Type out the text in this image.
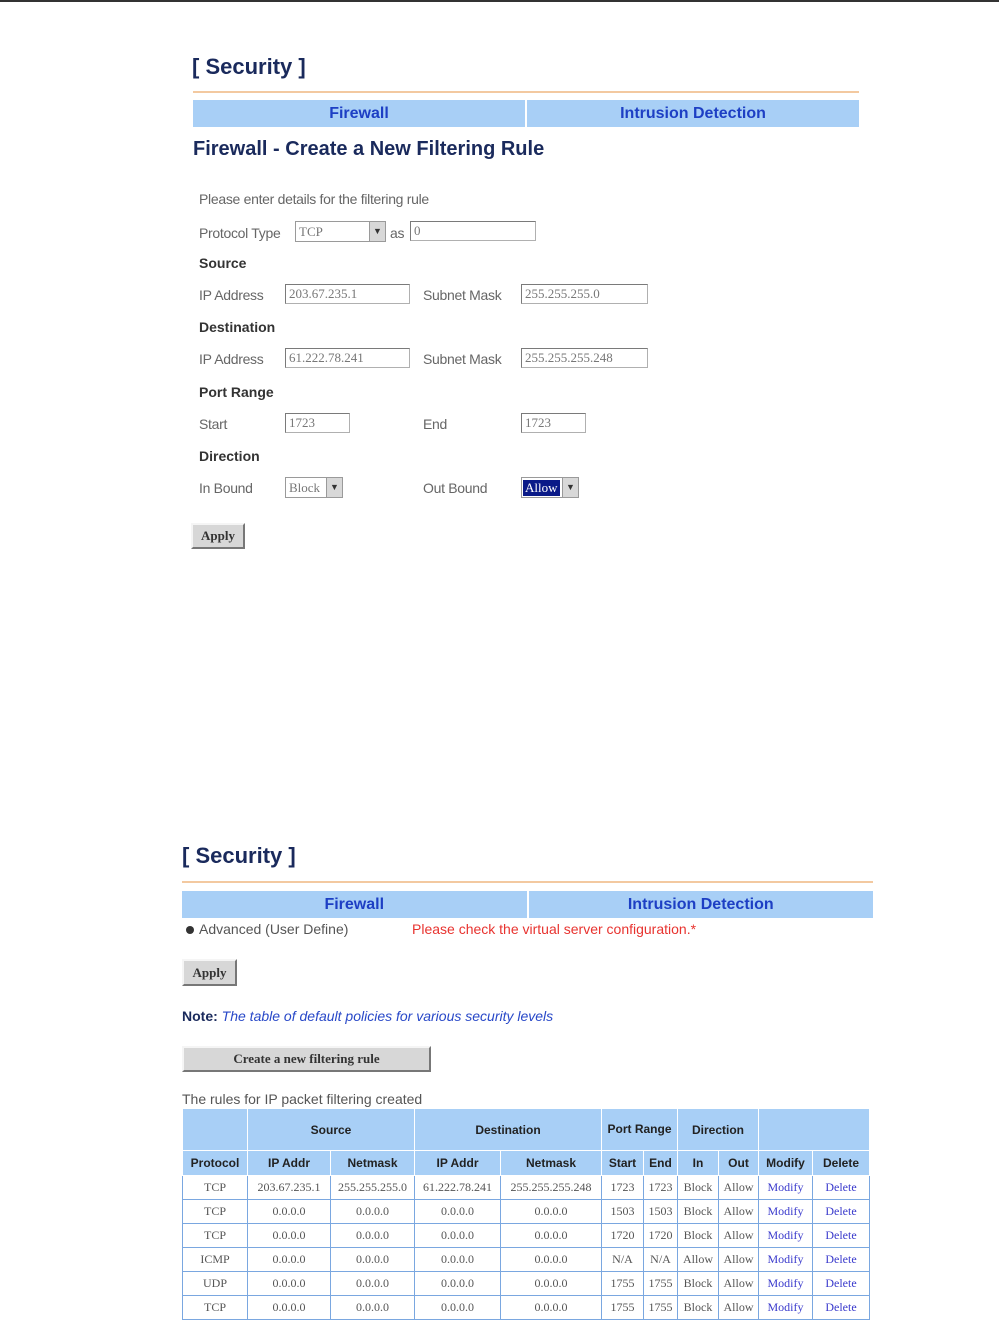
[ Security ]
Firewall	Intrusion Detection
Firewall - Create a New Filtering Rule
Please enter details for the filtering rule
Protocol Type TCP	▼ as 0
Source
IP Address	203.67.235.1	Subnet Mask	255.255.255.0
Destination
IP Address	61.222.78.241	Subnet Mask	255.255.255.248
Port Range
Start	1723	End	1723
Direction
In Bound	Block	▼	Out Bound	Allow ▼
Apply
[ Security ]
Firewall	Intrusion Detection
Advanced (User Define)	Please check the virtual server configuration.*
Apply
Note: The table of default policies for various security levels
Create a new filtering rule
The rules for IP packet filtering created
	Source		Destination		Port Range		Direction			
Protocol	IP Addr	Netmask	IP Addr	Netmask	Start	End	In	Out	Modify	Delete
TCP	203.67.235.1	255.255.255.0	61.222.78.241	255.255.255.248	1723	1723	Block	Allow	Modify	Delete
TCP	0.0.0.0	0.0.0.0	0.0.0.0	0.0.0.0	1503	1503	Block	Allow	Modify	Delete
TCP	0.0.0.0	0.0.0.0	0.0.0.0	0.0.0.0	1720	1720	Block	Allow	Modify	Delete
ICMP	0.0.0.0	0.0.0.0	0.0.0.0	0.0.0.0	N/A	N/A	Allow	Allow	Modify	Delete
UDP	0.0.0.0	0.0.0.0	0.0.0.0	0.0.0.0	1755	1755	Block	Allow	Modify	Delete
TCP	0.0.0.0	0.0.0.0	0.0.0.0	0.0.0.0	1755	1755	Block	Allow	Modify	Delete
